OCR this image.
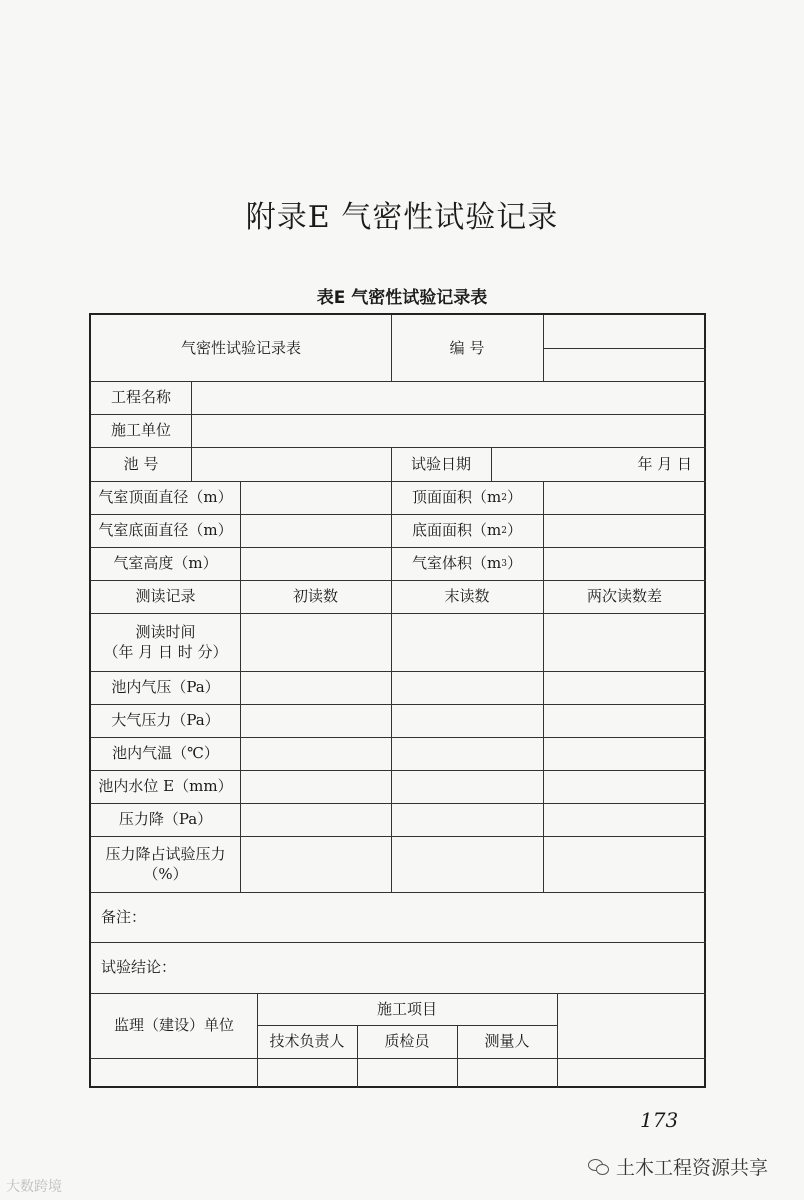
附录E 气密性试验记录
表E 气密性试验记录表
气密性试验记录表	编 号
工程名称
施工单位
池 号	试验日期	年 月 日
气室顶面直径（m）	顶面面积（m 2 ）
气室底面直径（m）	底面面积（m 2 ）
气室高度（m）	气室体积（m 3 ）
测读记录	初读数	末读数	两次读数差
测读时间
（年 月 日 时 分）
池内气压（Pa）
大气压力（Pa）
池内气温（℃）
池内水位 E（mm）
压力降（Pa）
压力降占试验压力
（%）
备注：
试验结论：
监理（建设）单位
施工项目
技术负责人	质检员	测量人
173
土木工程资源共享
大数跨境
